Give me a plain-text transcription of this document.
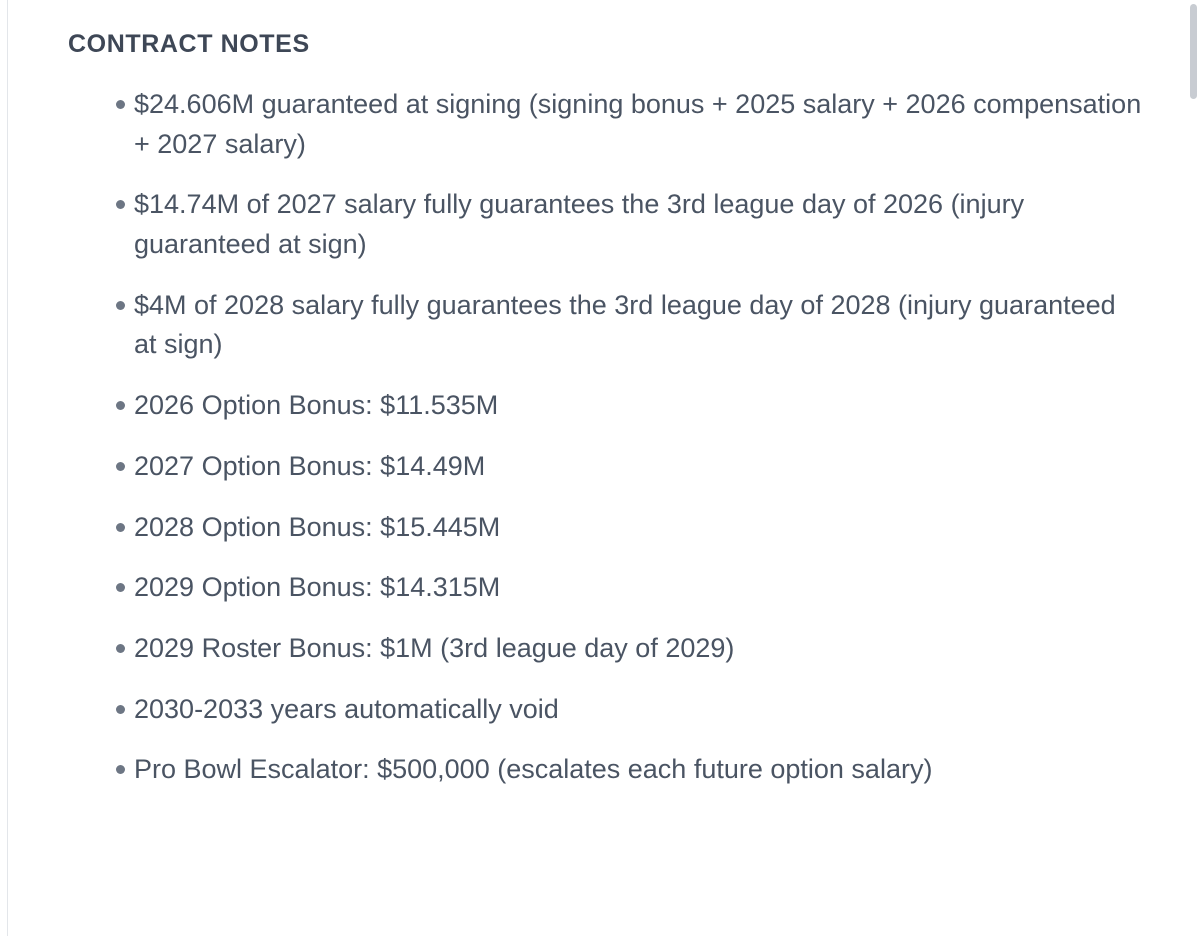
CONTRACT NOTES
$24.606M guaranteed at signing (signing bonus + 2025 salary + 2026 compensation + 2027 salary)
$14.74M of 2027 salary fully guarantees the 3rd league day of 2026 (injury guaranteed at sign)
$4M of 2028 salary fully guarantees the 3rd league day of 2028 (injury guaranteed at sign)
2026 Option Bonus: $11.535M
2027 Option Bonus: $14.49M
2028 Option Bonus: $15.445M
2029 Option Bonus: $14.315M
2029 Roster Bonus: $1M (3rd league day of 2029)
2030-2033 years automatically void
Pro Bowl Escalator: $500,000 (escalates each future option salary)
